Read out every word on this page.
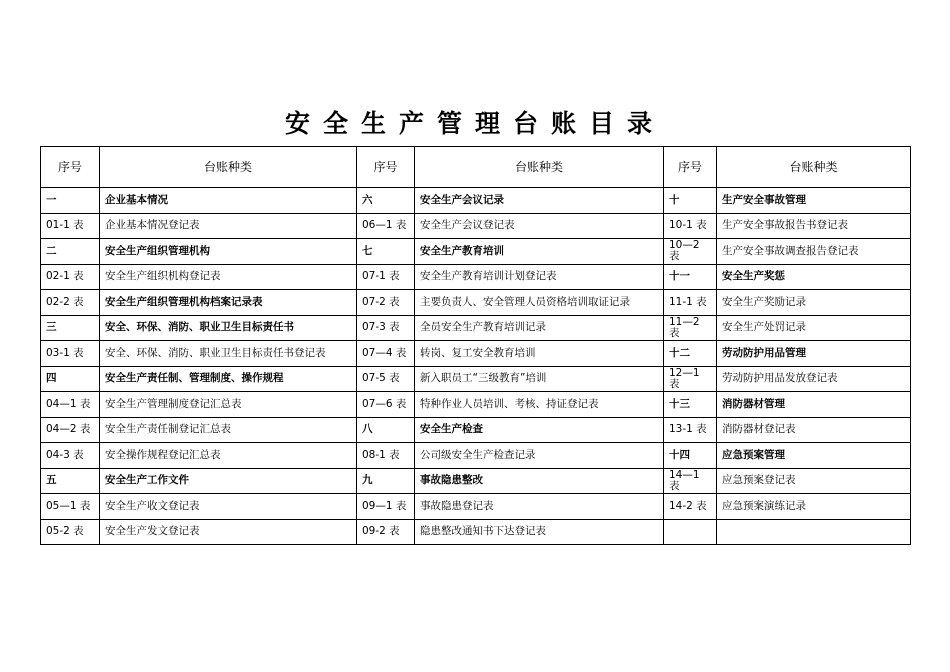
安全生产管理台账目录
序号	台账种类	序号	台账种类	序号	台账种类
一	企业基本情况	六	安全生产会议记录	十	生产安全事故管理
01-1 表	企业基本情况登记表	06—1 表	安全生产会议登记表	10-1 表	生产安全事故报告书登记表
二	安全生产组织管理机构	七	安全生产教育培训	10—2 表	生产安全事故调查报告登记表
02-1 表	安全生产组织机构登记表	07-1 表	安全生产教育培训计划登记表	十一	安全生产奖惩
02-2 表	安全生产组织管理机构档案记录表	07-2 表	主要负责人、安全管理人员资格培训取证记录	11-1 表	安全生产奖励记录
三	安全、环保、消防、职业卫生目标责任书	07-3 表	全员安全生产教育培训记录	11—2 表	安全生产处罚记录
03-1 表	安全、环保、消防、职业卫生目标责任书登记表	07—4 表	转岗、复工安全教育培训	十二	劳动防护用品管理
四	安全生产责任制、管理制度、操作规程	07-5 表	新入职员工“三级教育”培训	12—1 表	劳动防护用品发放登记表
04—1 表	安全生产管理制度登记汇总表	07—6 表	特种作业人员培训、考核、持证登记表	十三	消防器材管理
04—2 表	安全生产责任制登记汇总表	八	安全生产检查	13-1 表	消防器材登记表
04-3 表	安全操作规程登记汇总表	08-1 表	公司级安全生产检查记录	十四	应急预案管理
五	安全生产工作文件	九	事故隐患整改	14—1 表	应急预案登记表
05—1 表	安全生产收文登记表	09—1 表	事故隐患登记表	14-2 表	应急预案演练记录
05-2 表	安全生产发文登记表	09-2 表	隐患整改通知书下达登记表		
